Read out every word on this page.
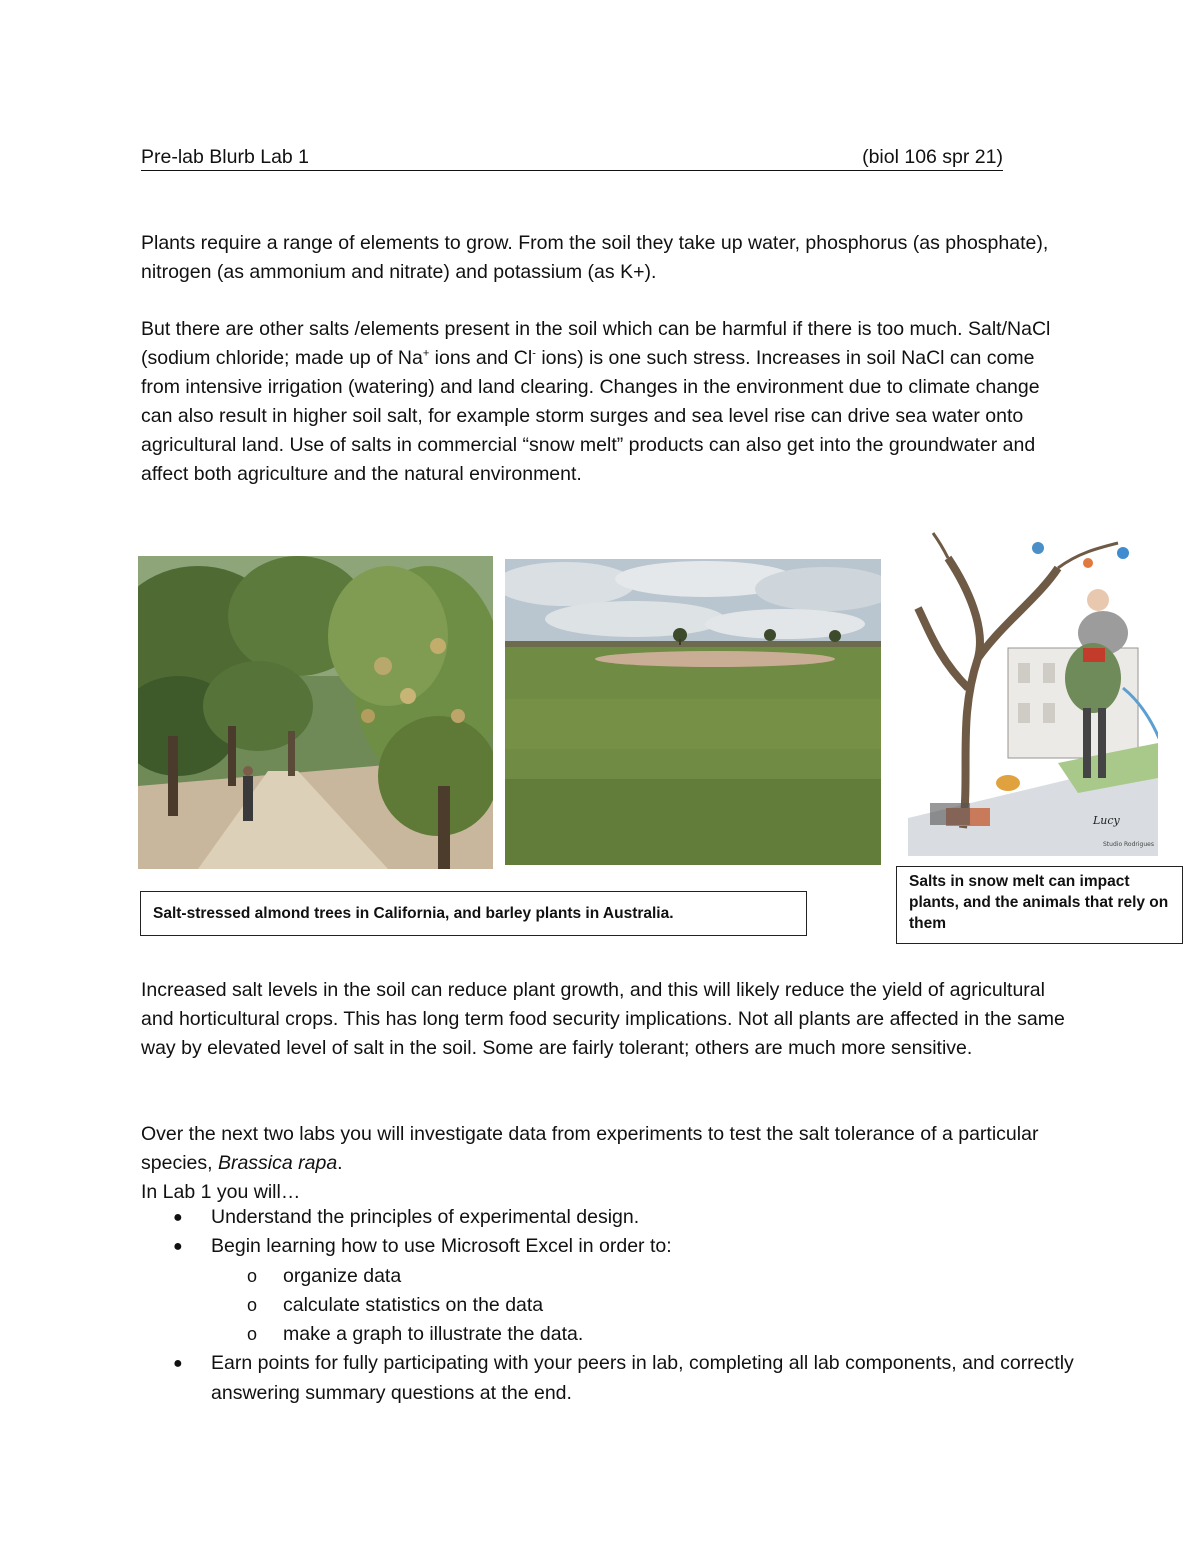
Pre-lab Blurb Lab 1	(biol 106 spr 21)
Plants require a range of elements to grow. From the soil they take up water, phosphorus (as phosphate), nitrogen (as ammonium and nitrate) and potassium (as K+).
But there are other salts /elements present in the soil which can be harmful if there is too much. Salt/NaCl (sodium chloride; made up of Na+ ions and Cl- ions) is one such stress. Increases in soil NaCl can come from intensive irrigation (watering) and land clearing. Changes in the environment due to climate change can also result in higher soil salt, for example storm surges and sea level rise can drive sea water onto agricultural land. Use of salts in commercial “snow melt” products can also get into the groundwater and affect both agriculture and the natural environment.
Lucy
Studio Rodrigues
Salt-stressed almond trees in California, and barley plants in Australia.
Salts in snow melt can impact plants, and the animals that rely on them
Increased salt levels in the soil can reduce plant growth, and this will likely reduce the yield of agricultural and horticultural crops. This has long term food security implications. Not all plants are affected in the same way by elevated level of salt in the soil. Some are fairly tolerant; others are much more sensitive.
Over the next two labs you will investigate data from experiments to test the salt tolerance of a particular species, Brassica rapa.
In Lab 1 you will…
● Understand the principles of experimental design.
● Begin learning how to use Microsoft Excel in order to:
o organize data
o calculate statistics on the data
o make a graph to illustrate the data.
● Earn points for fully participating with your peers in lab, completing all lab components, and correctly answering summary questions at the end.
